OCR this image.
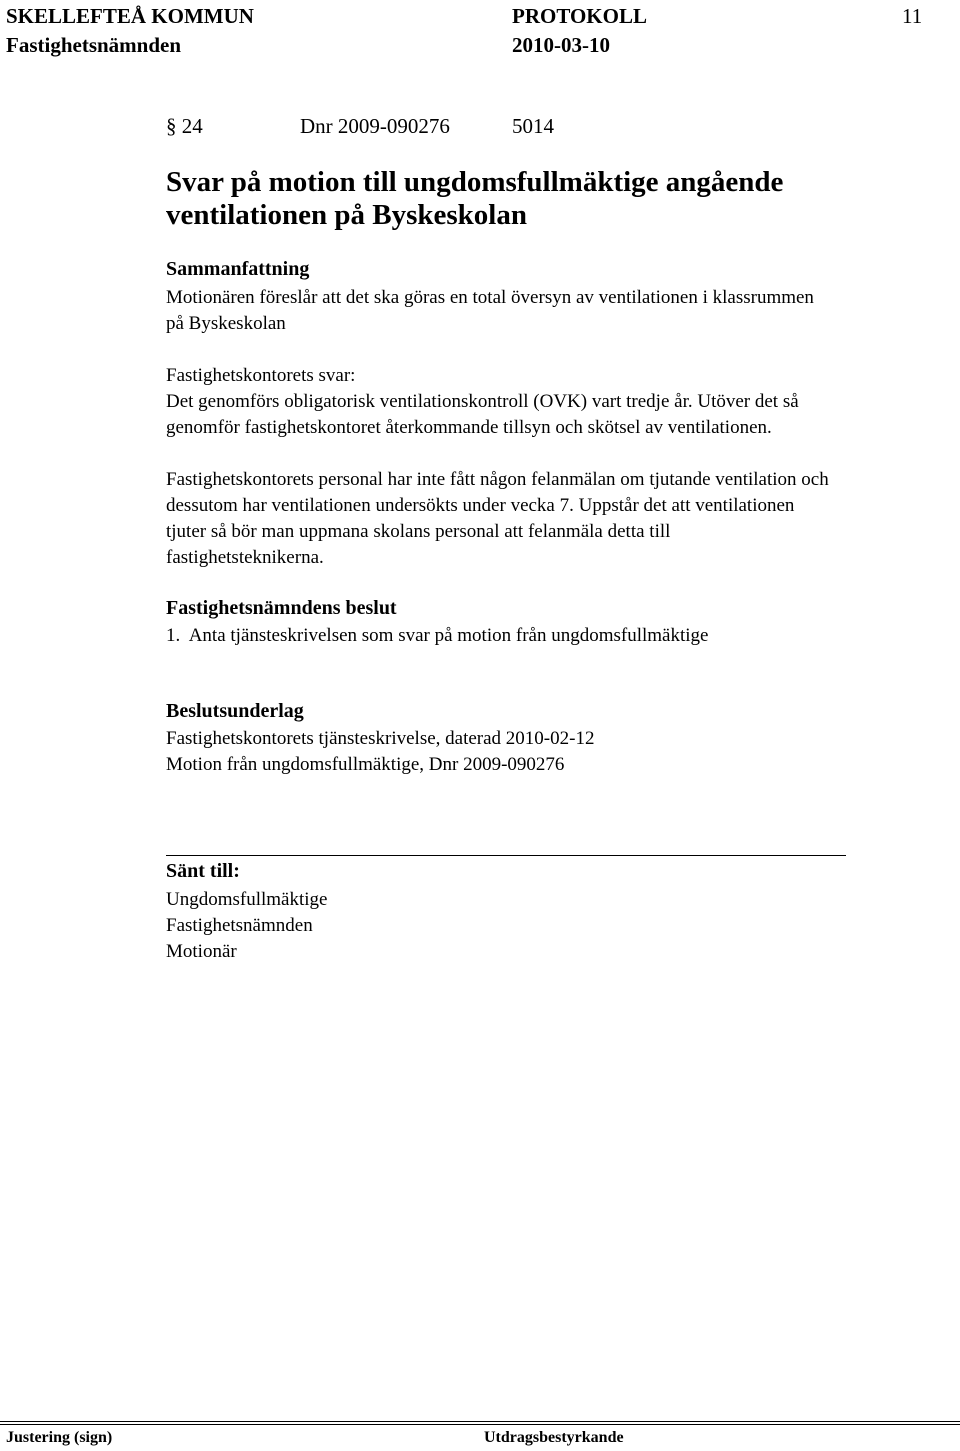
SKELLEFTEÅ KOMMUN	PROTOKOLL	11
Fastighetsnämnden	2010-03-10
§ 24	Dnr 2009-090276	5014
Svar på motion till ungdomsfullmäktige angående
ventilationen på Byskeskolan
Sammanfattning
Motionären föreslår att det ska göras en total översyn av ventilationen i klassrummen
på Byskeskolan
Fastighetskontorets svar:
Det genomförs obligatorisk ventilationskontroll (OVK) vart tredje år. Utöver det så
genomför fastighetskontoret återkommande tillsyn och skötsel av ventilationen.
Fastighetskontorets personal har inte fått någon felanmälan om tjutande ventilation och
dessutom har ventilationen undersökts under vecka 7. Uppstår det att ventilationen
tjuter så bör man uppmana skolans personal att felanmäla detta till
fastighetsteknikerna.
Fastighetsnämndens beslut
1.  Anta tjänsteskrivelsen som svar på motion från ungdomsfullmäktige
Beslutsunderlag
Fastighetskontorets tjänsteskrivelse, daterad 2010-02-12
Motion från ungdomsfullmäktige, Dnr 2009-090276
Sänt till:
Ungdomsfullmäktige
Fastighetsnämnden
Motionär
Justering (sign)	Utdragsbestyrkande
